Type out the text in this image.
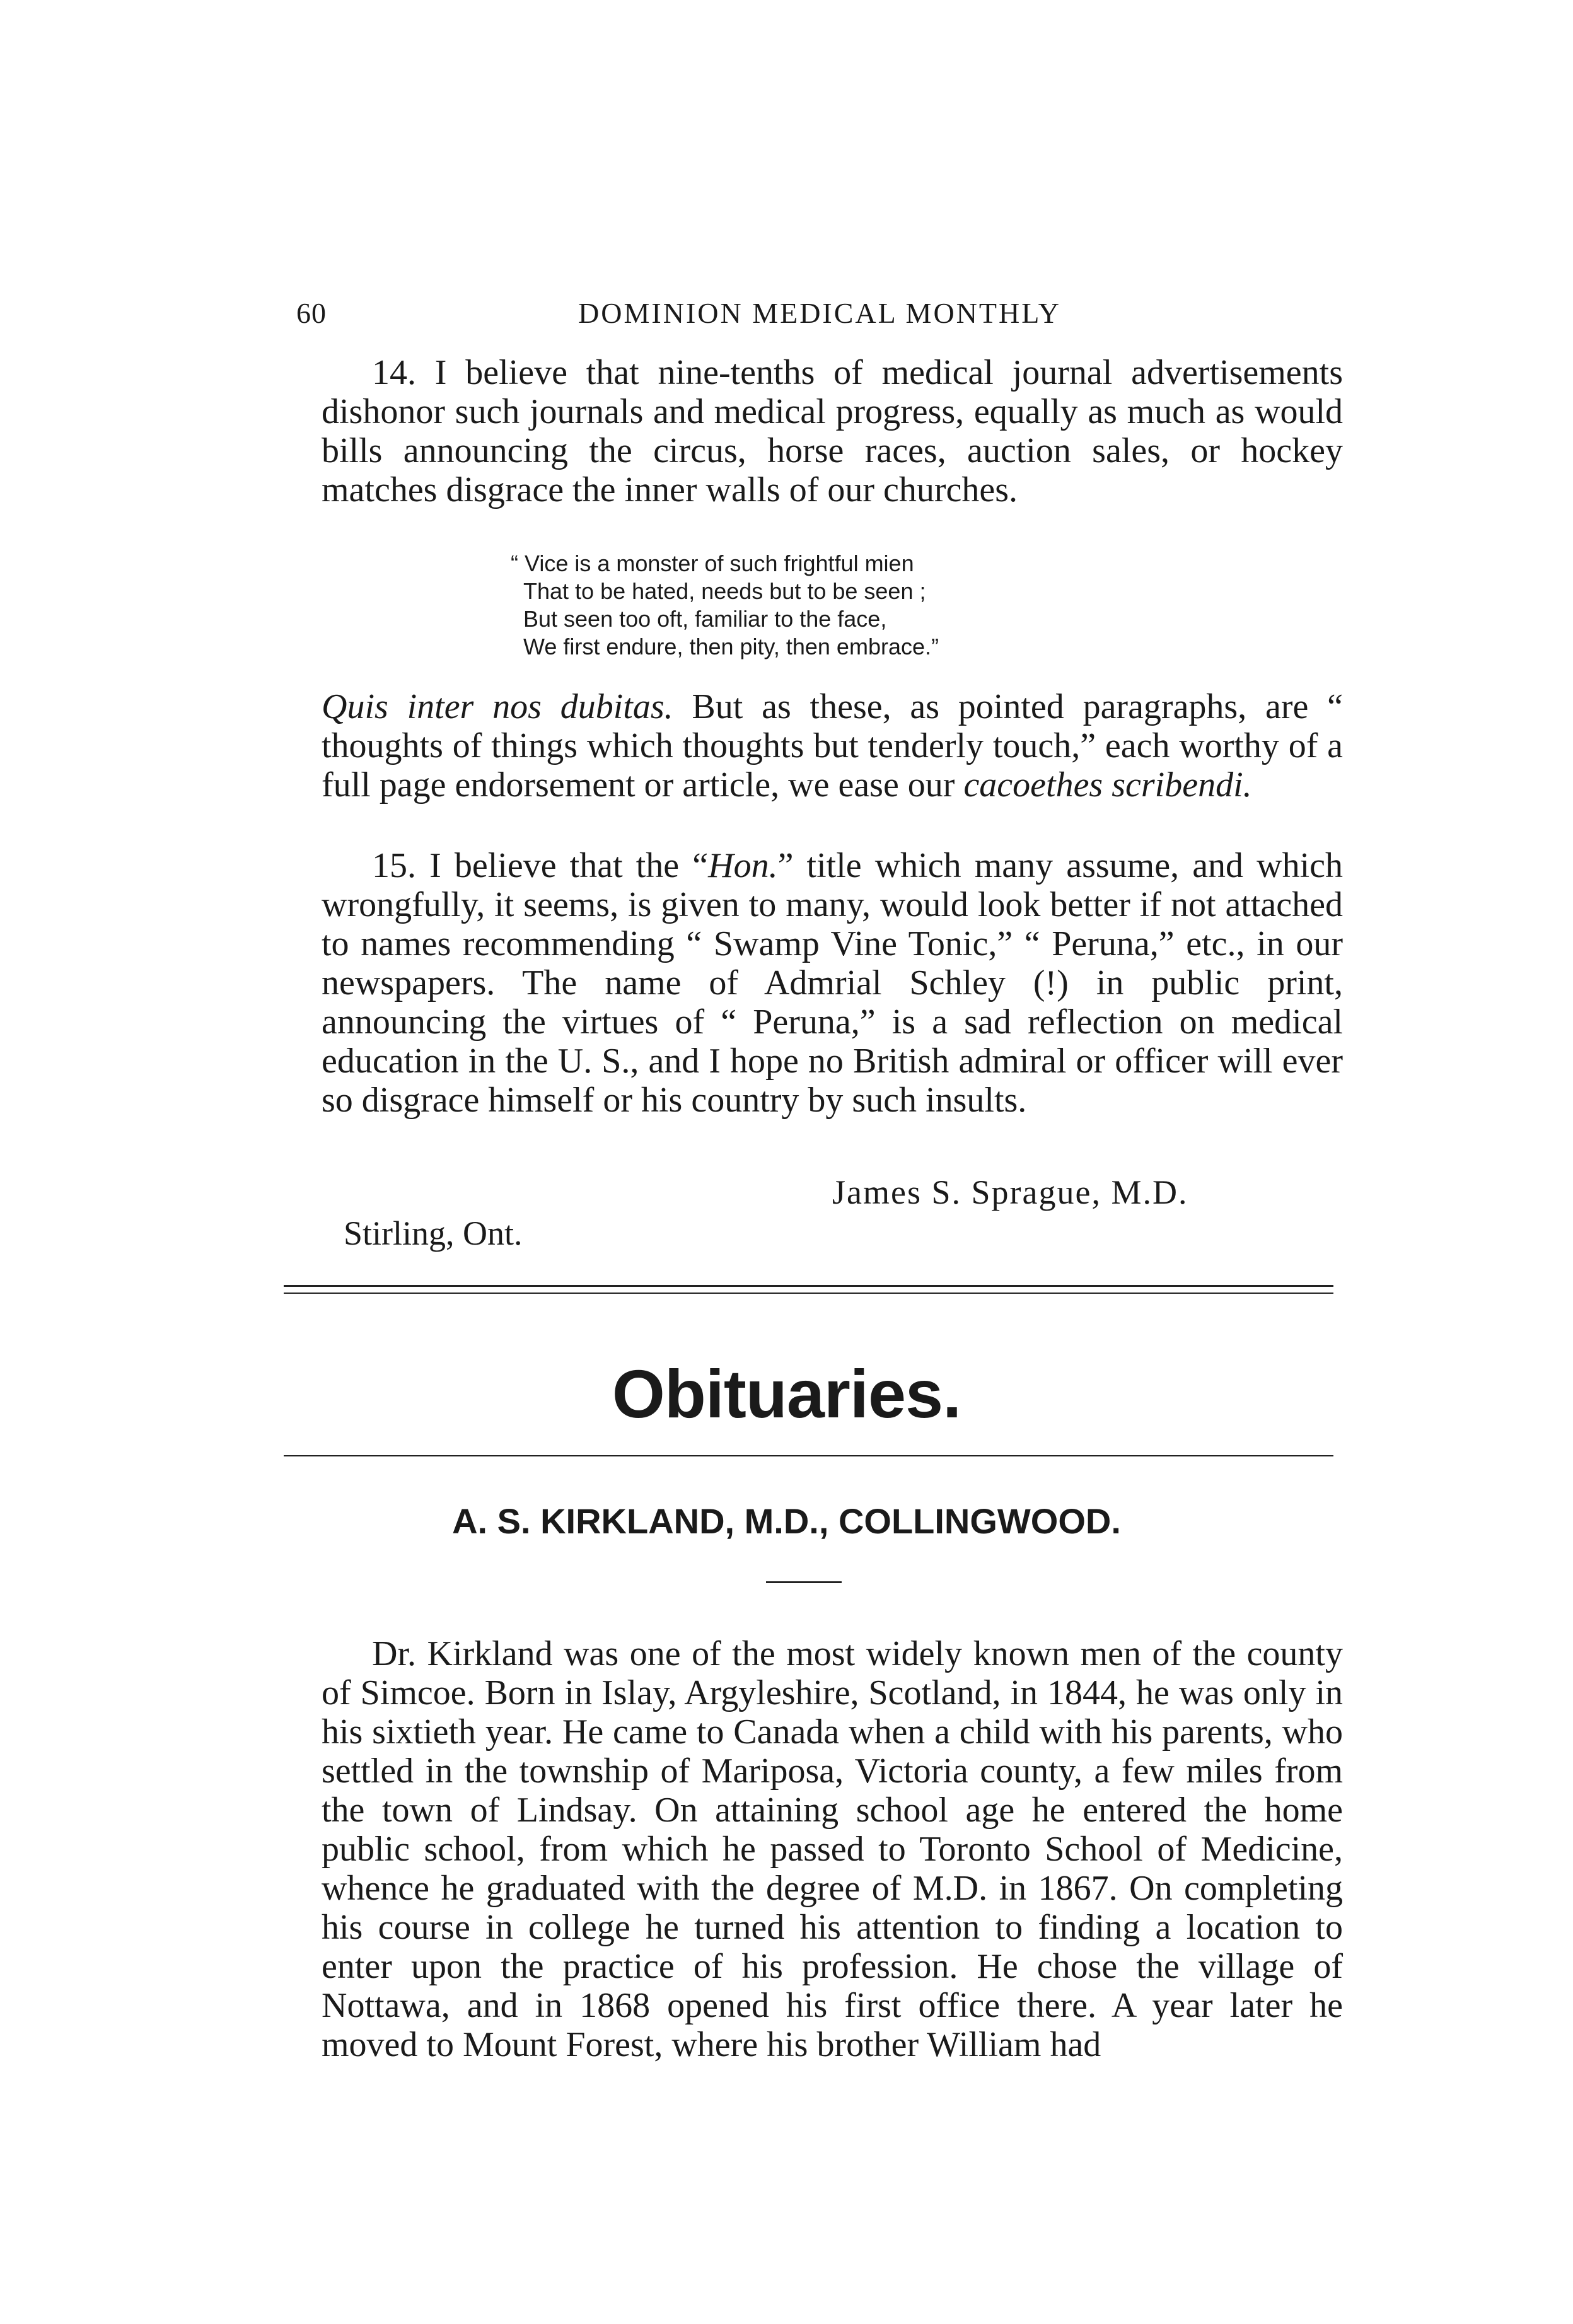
60	DOMINION MEDICAL MONTHLY

14. I believe that nine-tenths of medical journal advertisements dishonor such journals and medical progress, equally as much as would bills announcing the circus, horse races, auction sales, or hockey matches disgrace the inner walls of our churches.

“ Vice is a monster of such frightful mien
That to be hated, needs but to be seen ;
But seen too oft, familiar to the face,
We first endure, then pity, then embrace.”

Quis inter nos dubitas. But as these, as pointed paragraphs, are “ thoughts of things which thoughts but tenderly touch,” each worthy of a full page endorsement or article, we ease our cacoethes scribendi.

15. I believe that the “Hon.” title which many assume, and which wrongfully, it seems, is given to many, would look better if not attached to names recommending “ Swamp Vine Tonic,” “ Peruna,” etc., in our newspapers. The name of Admrial Schley (!) in public print, announcing the virtues of “ Peruna,” is a sad reflection on medical education in the U. S., and I hope no British admiral or officer will ever so disgrace himself or his country by such insults.

James S. Sprague, M.D.
Stirling, Ont.
Obituaries.
A. S. KIRKLAND, M.D., COLLINGWOOD.

Dr. Kirkland was one of the most widely known men of the county of Simcoe. Born in Islay, Argyleshire, Scotland, in 1844, he was only in his sixtieth year. He came to Canada when a child with his parents, who settled in the township of Mariposa, Victoria county, a few miles from the town of Lindsay. On attaining school age he entered the home public school, from which he passed to Toronto School of Medicine, whence he graduated with the degree of M.D. in 1867. On completing his course in college he turned his attention to finding a location to enter upon the practice of his profession. He chose the village of Nottawa, and in 1868 opened his first office there. A year later he moved to Mount Forest, where his brother William had
